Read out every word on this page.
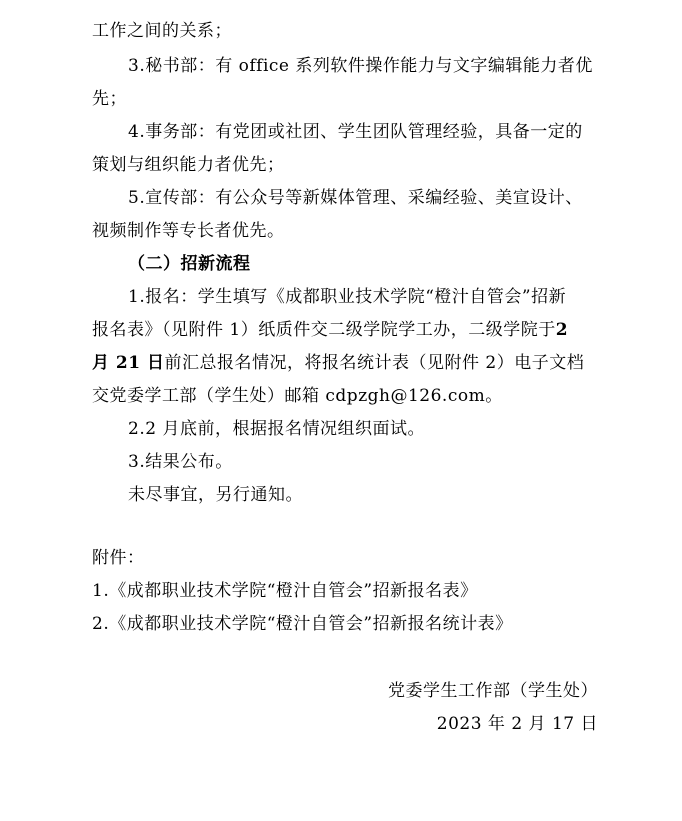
工作之间的关系；
3.秘书部：有 office 系列软件操作能力与文字编辑能力者优
先；
4.事务部：有党团或社团、学生团队管理经验，具备一定的
策划与组织能力者优先；
5.宣传部：有公众号等新媒体管理、采编经验、美宣设计、
视频制作等专长者优先。
（二）招新流程
1.报名：学生填写《成都职业技术学院“橙汁自管会”招新
报名表》（见附件 1）纸质件交二级学院学工办，二级学院于2
月 21 日前汇总报名情况，将报名统计表（见附件 2）电子文档
交党委学工部（学生处）邮箱 cdpzgh@126.com。
2.2 月底前，根据报名情况组织面试。
3.结果公布。
未尽事宜，另行通知。
附件：
1.《成都职业技术学院“橙汁自管会”招新报名表》
2.《成都职业技术学院“橙汁自管会”招新报名统计表》
党委学生工作部（学生处）
2023 年 2 月 17 日
